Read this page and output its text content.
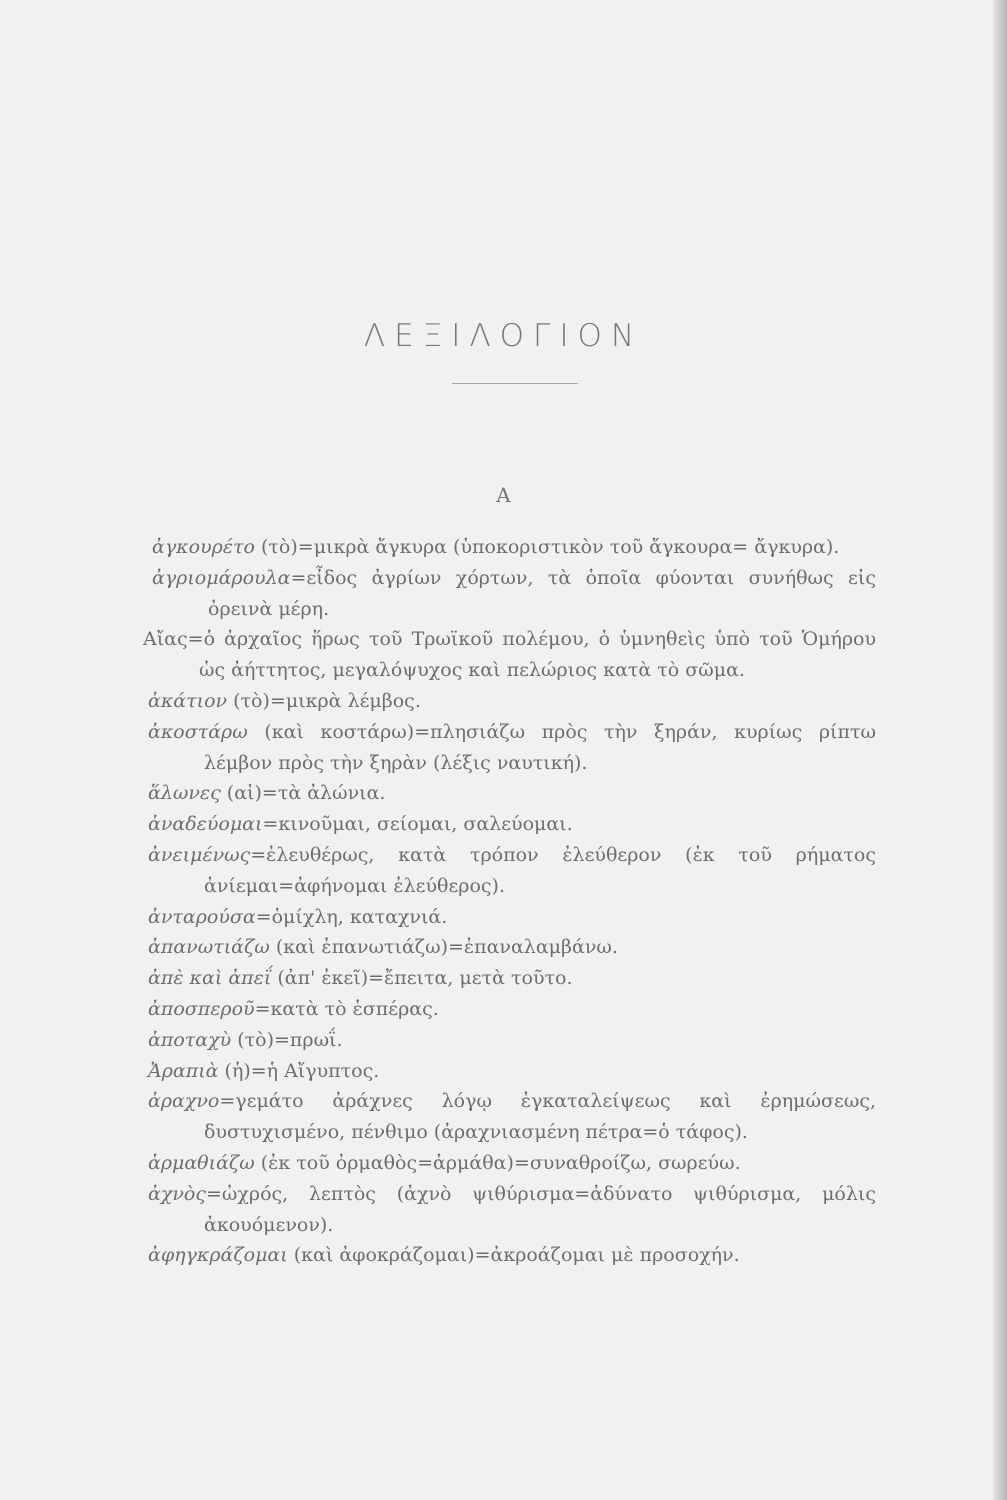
ΛΕΞΙΛΟΓΙΟΝ
Α

ἀγκουρέτο (τὸ)=μικρὰ ἄγκυρα (ὑποκοριστικὸν τοῦ ἄγκουρα= ἄγκυρα).

ἀγριομάρουλα=εἶδος ἀγρίων χόρτων, τὰ ὁποῖα φύονται συνήθως εἰς ὀρεινὰ μέρη.

Αἴας=ὁ ἀρχαῖος ἥρως τοῦ Τρωϊκοῦ πολέμου, ὁ ὑμνηθεὶς ὑπὸ τοῦ Ὁμήρου ὡς ἀήττητος, μεγαλόψυχος καὶ πελώριος κατὰ τὸ σῶμα.

ἀκάτιον (τὸ)=μικρὰ λέμβος.

ἀκοστάρω (καὶ κοστάρω)=πλησιάζω πρὸς τὴν ξηράν, κυρίως ρίπτω λέμβον πρὸς τὴν ξηρὰν (λέξις ναυτική).

ἅλωνες (αἱ)=τὰ ἀλώνια.

ἀναδεύομαι=κινοῦμαι, σείομαι, σαλεύομαι.

ἀνειμένως=ἐλευθέρως, κατὰ τρόπον ἐλεύθερον (ἐκ τοῦ ρήματος ἀνίεμαι=ἀφήνομαι ἐλεύθερος).

ἀνταρούσα=ὁμίχλη, καταχνιά.

ἀπανωτιάζω (καὶ ἐπανωτιάζω)=ἐπαναλαμβάνω.

ἀπὲ καὶ ἀπεΐ (ἀπ' ἐκεῖ)=ἔπειτα, μετὰ τοῦτο.

ἀποσπεροῦ=κατὰ τὸ ἑσπέρας.

ἀποταχὺ (τὸ)=πρωΐ.

Ἀραπιὰ (ἡ)=ἡ Αἴγυπτος.

ἀραχνο=γεμάτο ἀράχνες λόγῳ ἐγκαταλείψεως καὶ ἐρημώσεως, δυστυχισμένο, πένθιμο (ἀραχνιασμένη πέτρα=ὁ τάφος).

ἁρμαθιάζω (ἐκ τοῦ ὁρμαθὸς=ἁρμάθα)=συναθροίζω, σωρεύω.

ἀχνὸς=ὠχρός, λεπτὸς (ἀχνὸ ψιθύρισμα=ἀδύνατο ψιθύρισμα, μόλις ἀκουόμενον).

ἀφηγκράζομαι (καὶ ἀφοκράζομαι)=ἀκροάζομαι μὲ προσοχήν.
